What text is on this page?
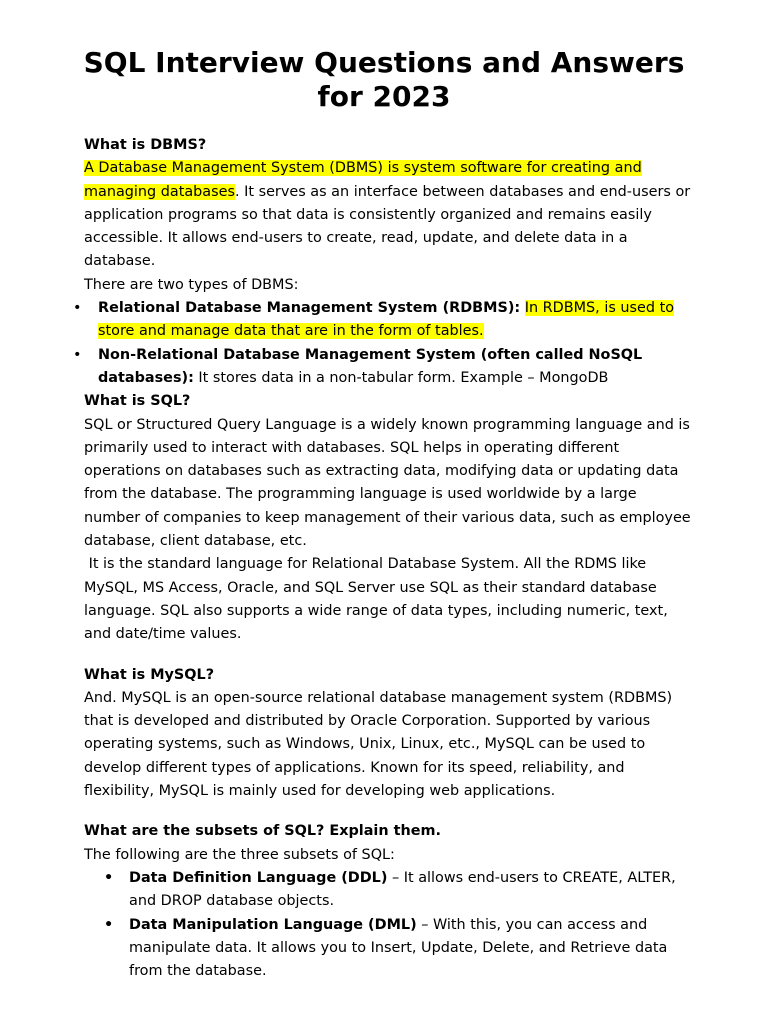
SQL Interview Questions and Answers for 2023
What is DBMS?

A Database Management System (DBMS) is system software for creating and managing databases. It serves as an interface between databases and end-users or application programs so that data is consistently organized and remains easily accessible. It allows end-users to create, read, update, and delete data in a database.

There are two types of DBMS:

• Relational Database Management System (RDBMS): In RDBMS, is used to store and manage data that are in the form of tables.
• Non-Relational Database Management System (often called NoSQL databases): It stores data in a non-tabular form. Example – MongoDB
What is SQL?

SQL or Structured Query Language is a widely known programming language and is primarily used to interact with databases. SQL helps in operating different operations on databases such as extracting data, modifying data or updating data from the database. The programming language is used worldwide by a large number of companies to keep management of their various data, such as employee database, client database, etc.

It is the standard language for Relational Database System. All the RDMS like MySQL, MS Access, Oracle, and SQL Server use SQL as their standard database language. SQL also supports a wide range of data types, including numeric, text, and date/time values.

What is MySQL?

And. MySQL is an open-source relational database management system (RDBMS) that is developed and distributed by Oracle Corporation. Supported by various operating systems, such as Windows, Unix, Linux, etc., MySQL can be used to develop different types of applications. Known for its speed, reliability, and flexibility, MySQL is mainly used for developing web applications.

What are the subsets of SQL? Explain them.

The following are the three subsets of SQL:

• Data Definition Language (DDL) – It allows end-users to CREATE, ALTER, and DROP database objects.
• Data Manipulation Language (DML) – With this, you can access and manipulate data. It allows you to Insert, Update, Delete, and Retrieve data from the database.
